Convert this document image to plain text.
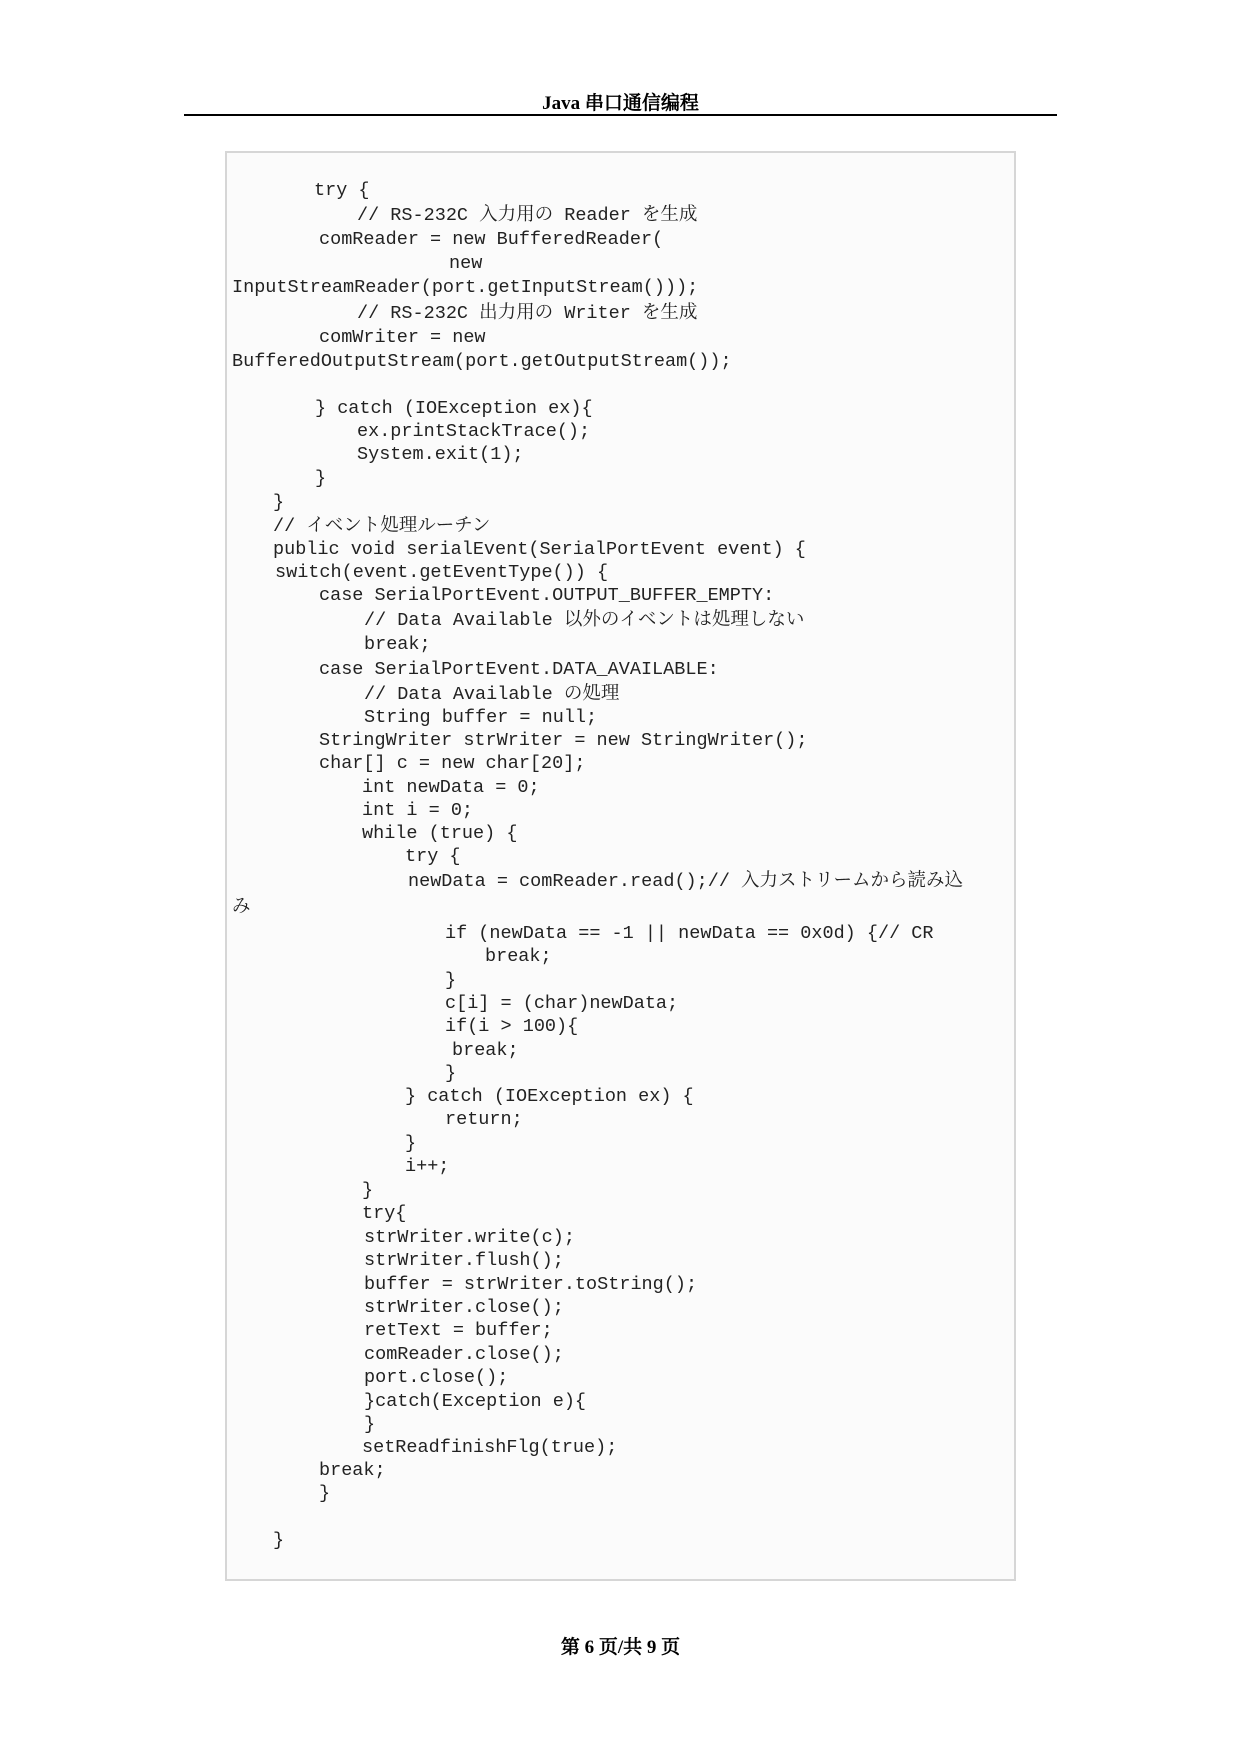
Java 串口通信编程
try {
// RS-232C 入力用の Reader を生成
comReader = new BufferedReader(
new
InputStreamReader(port.getInputStream()));
// RS-232C 出力用の Writer を生成
comWriter = new
BufferedOutputStream(port.getOutputStream());
} catch (IOException ex){
ex.printStackTrace();
System.exit(1);
}
}
// イベント処理ルーチン
public void serialEvent(SerialPortEvent event) {
switch(event.getEventType()) {
case SerialPortEvent.OUTPUT_BUFFER_EMPTY:
// Data Available 以外のイベントは処理しない
break;
case SerialPortEvent.DATA_AVAILABLE:
// Data Available の処理
String buffer = null;
StringWriter strWriter = new StringWriter();
char[] c = new char[20];
int newData = 0;
int i = 0;
while (true) {
try {
newData = comReader.read();// 入力ストリームから読み込
み
if (newData == -1 || newData == 0x0d) {// CR
break;
}
c[i] = (char)newData;
if(i > 100){
break;
}
} catch (IOException ex) {
return;
}
i++;
}
try{
strWriter.write(c);
strWriter.flush();
buffer = strWriter.toString();
strWriter.close();
retText = buffer;
comReader.close();
port.close();
}catch(Exception e){
}
setReadfinishFlg(true);
break;
}
}
第 6 页/共 9 页
